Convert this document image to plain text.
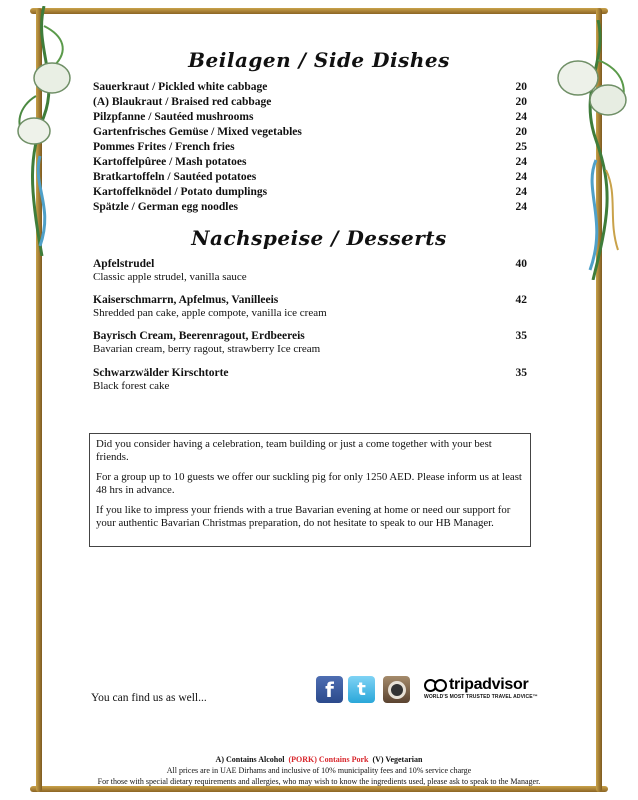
Beilagen / Side Dishes
Sauerkraut / Pickled white cabbage	20
(A) Blaukraut / Braised red cabbage	20
Pilzpfanne / Sautéed mushrooms	24
Gartenfrisches Gemüse / Mixed vegetables	20
Pommes Frites / French fries	25
Kartoffelpûree / Mash potatoes	24
Bratkartoffeln / Sautéed potatoes	24
Kartoffelknödel / Potato dumplings	24
Spätzle / German egg noodles	24
Nachspeise / Desserts
Apfelstrudel	40
Classic apple strudel, vanilla sauce
Kaiserschmarrn, Apfelmus, Vanilleeis	42
Shredded pan cake, apple compote, vanilla ice cream
Bayrisch Cream, Beerenragout, Erdbeereis	35
Bavarian cream, berry ragout, strawberry Ice cream
Schwarzwälder Kirschtorte	35
Black forest cake

Did you consider having a celebration, team building or just a come together with your best friends.

For a group up to 10 guests we offer our suckling pig for only 1250 AED. Please inform us at least 48 hrs in advance.

If you like to impress your friends with a true Bavarian evening at home or need our support for your authentic Bavarian Christmas preparation, do not hesitate to speak to our HB Manager.

You can find us as well...	f	t	tripadvisor
WORLD'S MOST TRUSTED TRAVEL ADVICE™
A) Contains Alcohol (PORK) Contains Pork (V) Vegetarian
All prices are in UAE Dirhams and inclusive of 10% municipality fees and 10% service charge
For those with special dietary requirements and allergies, who may wish to know the ingredients used, please ask to speak to the Manager.
